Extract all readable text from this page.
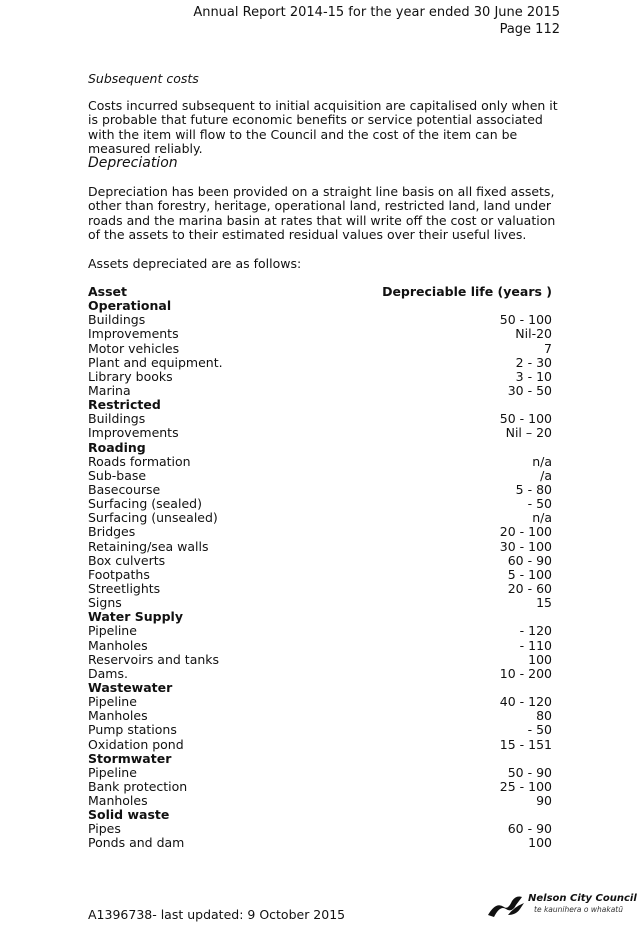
Annual Report 2014-15 for the year ended 30 June 2015
Page 112
Subsequent costs
Costs incurred subsequent to initial acquisition are capitalised only when it is probable that future economic benefits or service potential associated with the item will flow to the Council and the cost of the item can be measured reliably.
Depreciation
Depreciation has been provided on a straight line basis on all fixed assets, other than forestry, heritage, operational land, restricted land, land under roads and the marina basin at rates that will write off the cost or valuation of the assets to their estimated residual values over their useful lives.
Assets depreciated are as follows:
Asset	Depreciable life (years )
Operational
Buildings	50 - 100
Improvements	Nil-20
Motor vehicles	7
Plant and equipment.	2 - 30
Library books	3 - 10
Marina	30 - 50
Restricted
Buildings	50 - 100
Improvements	Nil – 20
Roading
Roads formation	n/a
Sub-base	/a
Basecourse	5 - 80
Surfacing (sealed)	- 50
Surfacing (unsealed)	n/a
Bridges	20 - 100
Retaining/sea walls	30 - 100
Box culverts	60 - 90
Footpaths	5 - 100
Streetlights	20 - 60
Signs	15
Water Supply
Pipeline	- 120
Manholes	- 110
Reservoirs and tanks	100
Dams.	10 - 200
Wastewater
Pipeline	40 - 120
Manholes	80
Pump stations	- 50
Oxidation pond	15 - 151
Stormwater
Pipeline	50 - 90
Bank protection	25 - 100
Manholes	90
Solid waste
Pipes	60 - 90
Ponds and dam	100
A1396738- last updated: 9 October 2015
Nelson City Council
te kaunihera o whakatū
